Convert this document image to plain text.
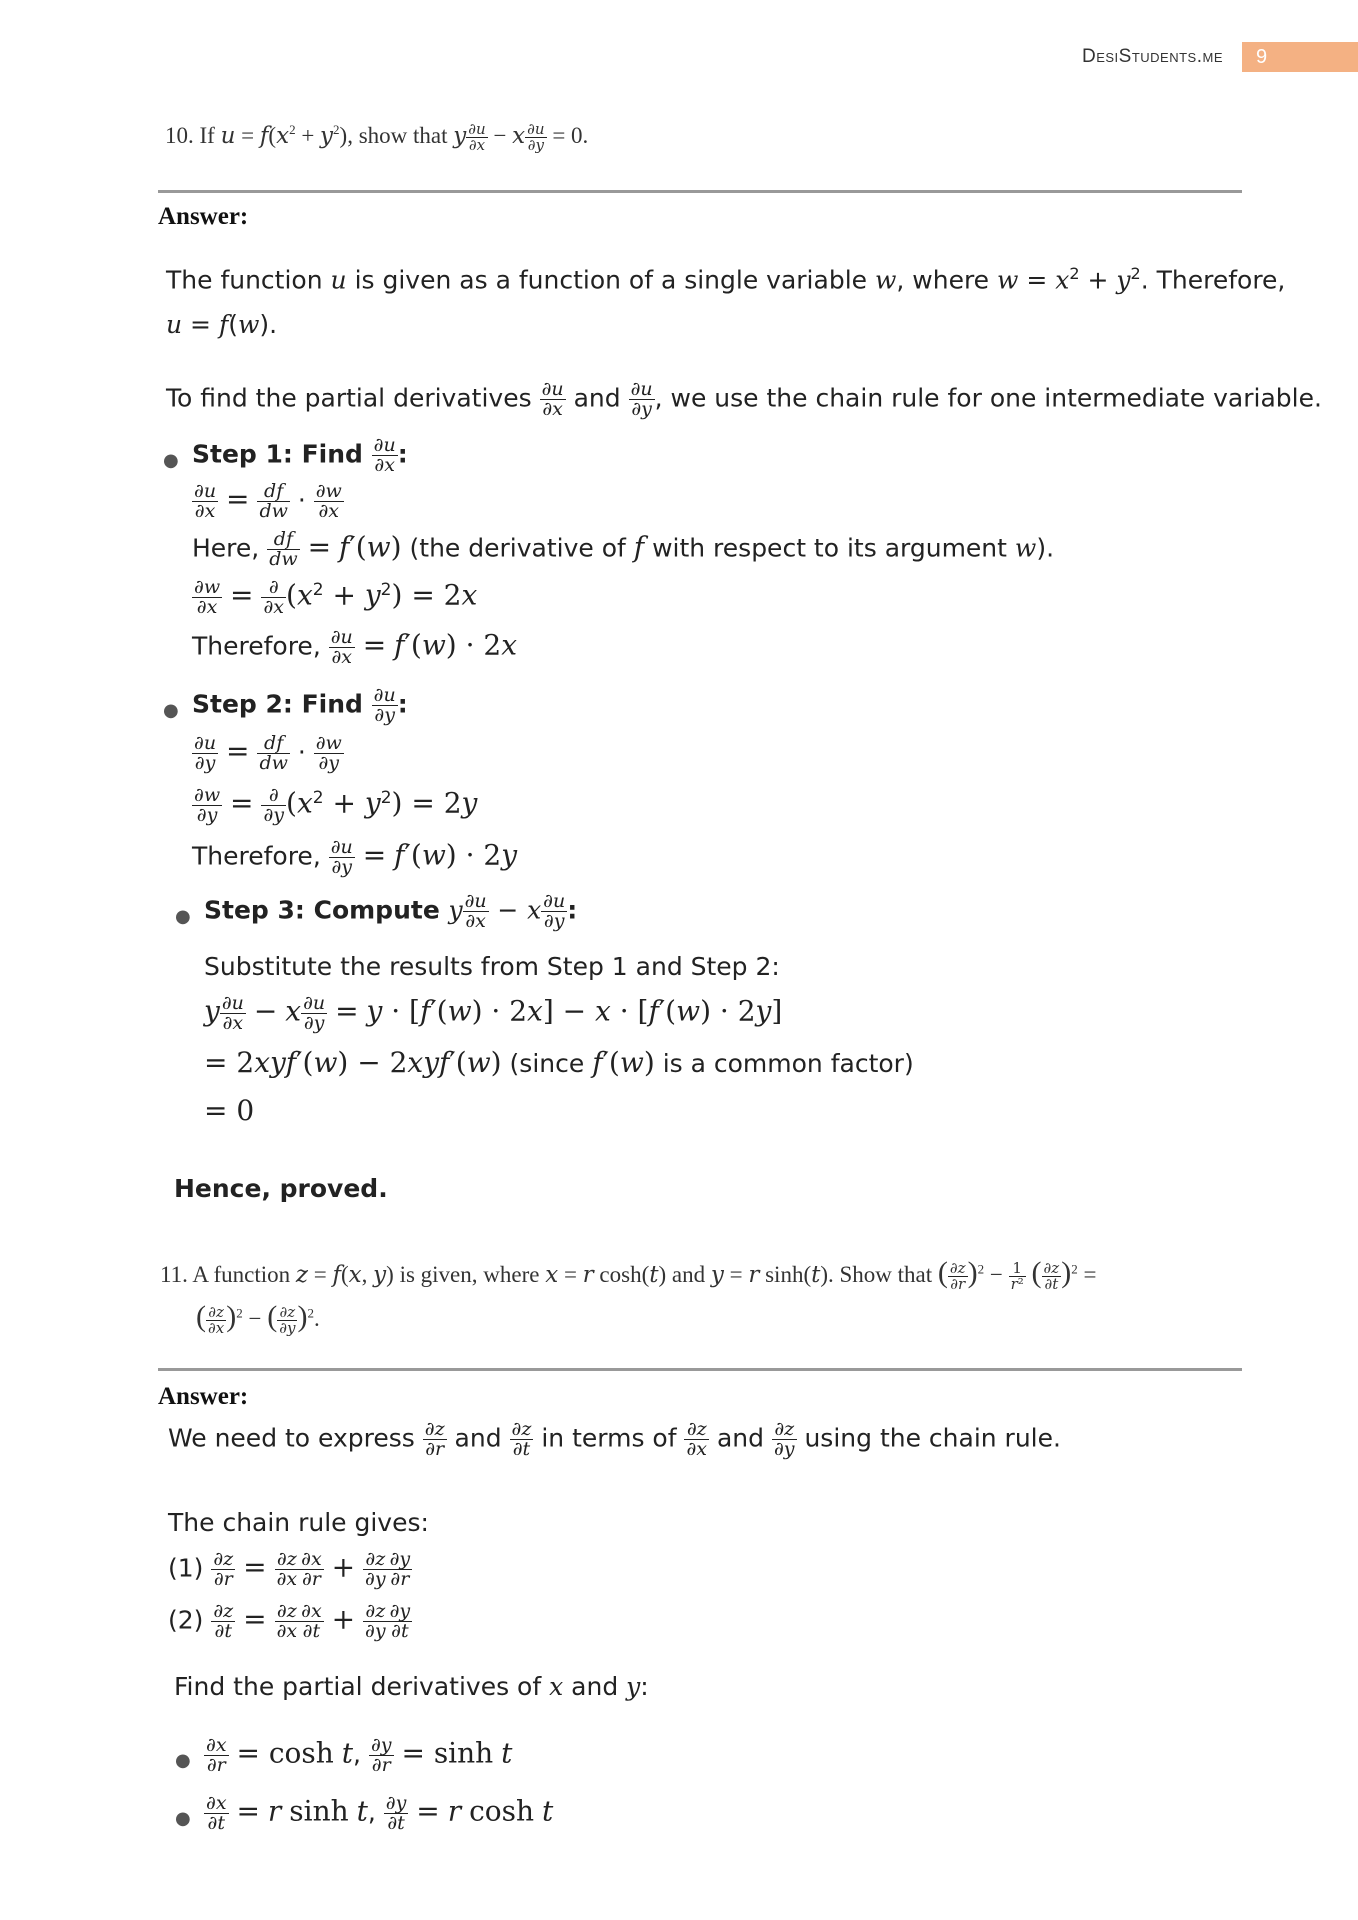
DesiStudents.me	9
10. If $u = f(x^2 + y^2)$, show that y $\frac{\partial u}{\partial x} - x \frac{\partial u}{\partial y} = 0$.
Answer:
The function u is given as a function of a single variable w, where $w = x^2 + y^2$. Therefore,
u = f(w).
To find the partial derivatives $\frac{\partial u}{\partial x}$ and $\frac{\partial u}{\partial y}$ , we use the chain rule for one intermediate variable.
● Step 1: Find $\frac{\partial u}{\partial x}$ :
$\frac{\partial u}{\partial x} = \frac{df}{dw} \cdot \frac{\partial w}{\partial x}$
Here, $\frac{df}{dw} = f'(w)$ (the derivative of f with respect to its argument w).
$\frac{\partial w}{\partial x} = \frac{\partial}{\partial x} (x^2 + y^2) = 2x$
Therefore, $\frac{\partial u}{\partial x} = f'(w) \cdot 2x$
● Step 2: Find $\frac{\partial u}{\partial y}$ :
$\frac{\partial u}{\partial y} = \frac{df}{dw} \cdot \frac{\partial w}{\partial y}$
$\frac{\partial w}{\partial y} = \frac{\partial}{\partial y} (x^2 + y^2) = 2y$
Therefore, $\frac{\partial u}{\partial y} = f'(w) \cdot 2y$
● Step 3: Compute y $\frac{\partial u}{\partial x} - x \frac{\partial u}{\partial y}$ :
Substitute the results from Step 1 and Step 2:
y $\frac{\partial u}{\partial x} - x \frac{\partial u}{\partial y} = y \cdot [f'(w) \cdot 2x] - x \cdot [f'(w) \cdot 2y]$
= 2xyf′(w) − 2xyf′(w) (since f′(w) is a common factor)
= 0
Hence, proved.
11. A function z = f(x, y) is given, where x = r cosh(t) and y = r sinh(t). Show that ( $\frac{\partial z}{\partial r} )^2 - \frac{1}{\text{r²}}$ ( $\frac{\partial z}{\partial t} )^2$ =
( $\frac{\partial z}{\partial x} )^2$ − ( $\frac{\partial z}{\partial y} )^2$.
Answer:
We need to express $\frac{\partial z}{\partial r}$ and $\frac{\partial z}{\partial t}$ in terms of $\frac{\partial z}{\partial x}$ and $\frac{\partial z}{\partial y}$ using the chain rule.
The chain rule gives:
$(1) \frac{\partial z}{\partial r} = \frac{\partial z}{\partial x} \frac{\partial x}{\partial r} + \frac{\partial z}{\partial y} \frac{\partial y}{\partial r}$
$(2) \frac{\partial z}{\partial t} = \frac{\partial z}{\partial x} \frac{\partial x}{\partial t} + \frac{\partial z}{\partial y} \frac{\partial y}{\partial t}$
Find the partial derivatives of x and y:
● $\frac{\partial x}{\partial r} = \cosh t$, $\frac{\partial y}{\partial r} = \sinh t$
● $\frac{\partial x}{\partial t} = r$ sinh t, $\frac{\partial y}{\partial t} = r$ cosh t
